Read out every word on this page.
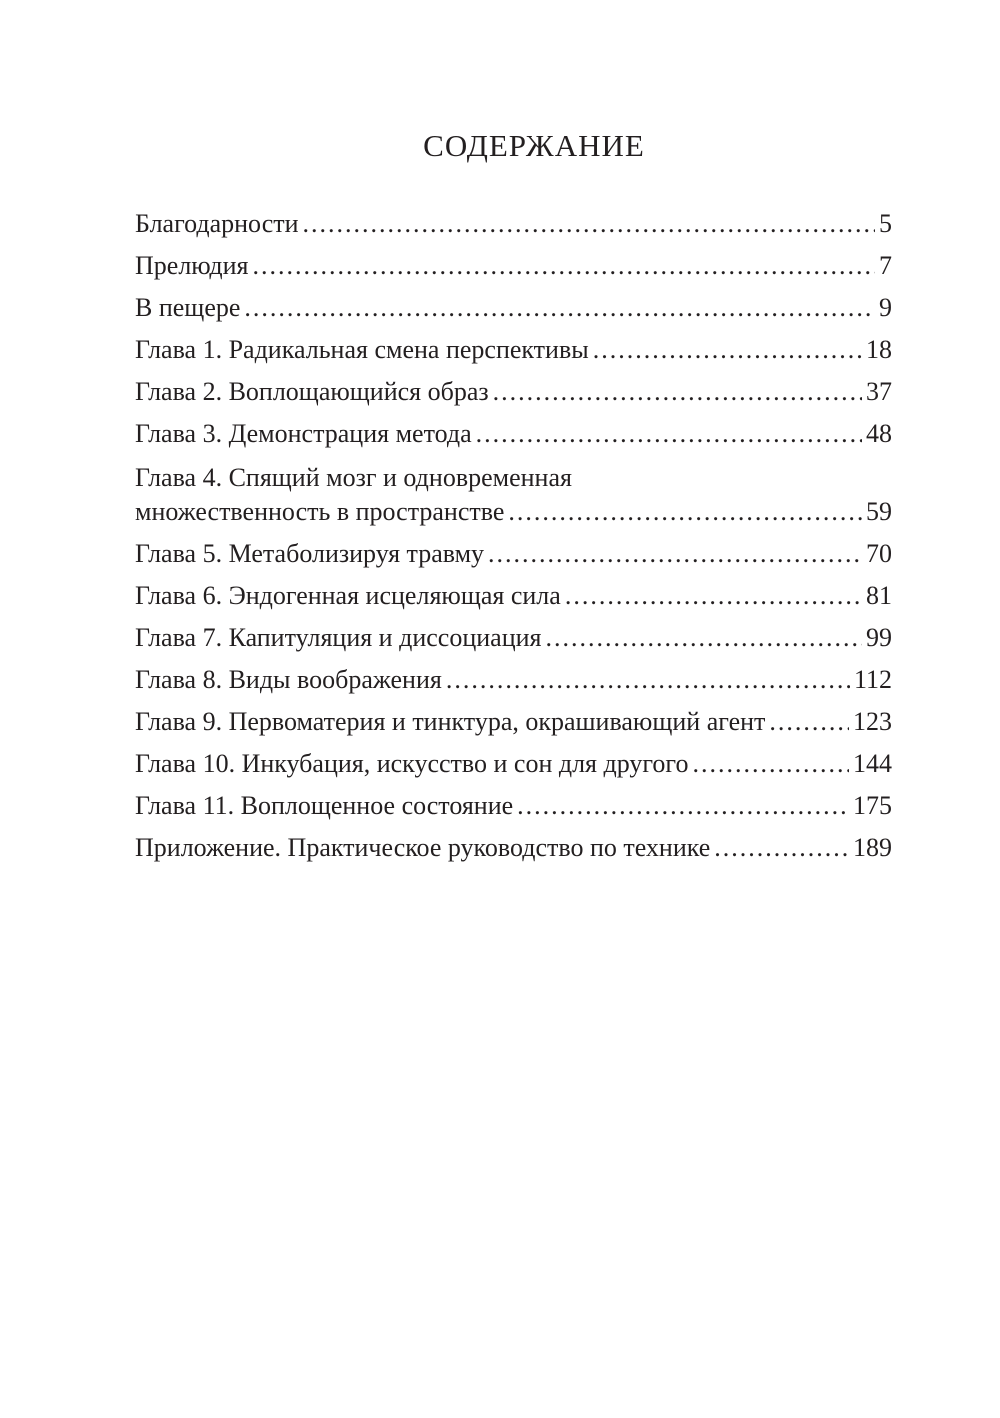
СОДЕРЖАНИЕ
Благодарности .....	5
Прелюдия .....	7
В пещере .....	9
Глава 1. Радикальная смена перспективы .....	18
Глава 2. Воплощающийся образ .....	37
Глава 3. Демонстрация метода .....	48
Глава 4. Спящий мозг и одновременная
множественность в пространстве .....	59
Глава 5. Метаболизируя травму .....	70
Глава 6. Эндогенная исцеляющая сила .....	81
Глава 7. Капитуляция и диссоциация .....	99
Глава 8. Виды воображения .....	112
Глава 9. Первоматерия и тинктура, окрашивающий агент .....	123
Глава 10. Инкубация, искусство и сон для другого .....	144
Глава 11. Воплощенное состояние .....	175
Приложение. Практическое руководство по технике .....	189
